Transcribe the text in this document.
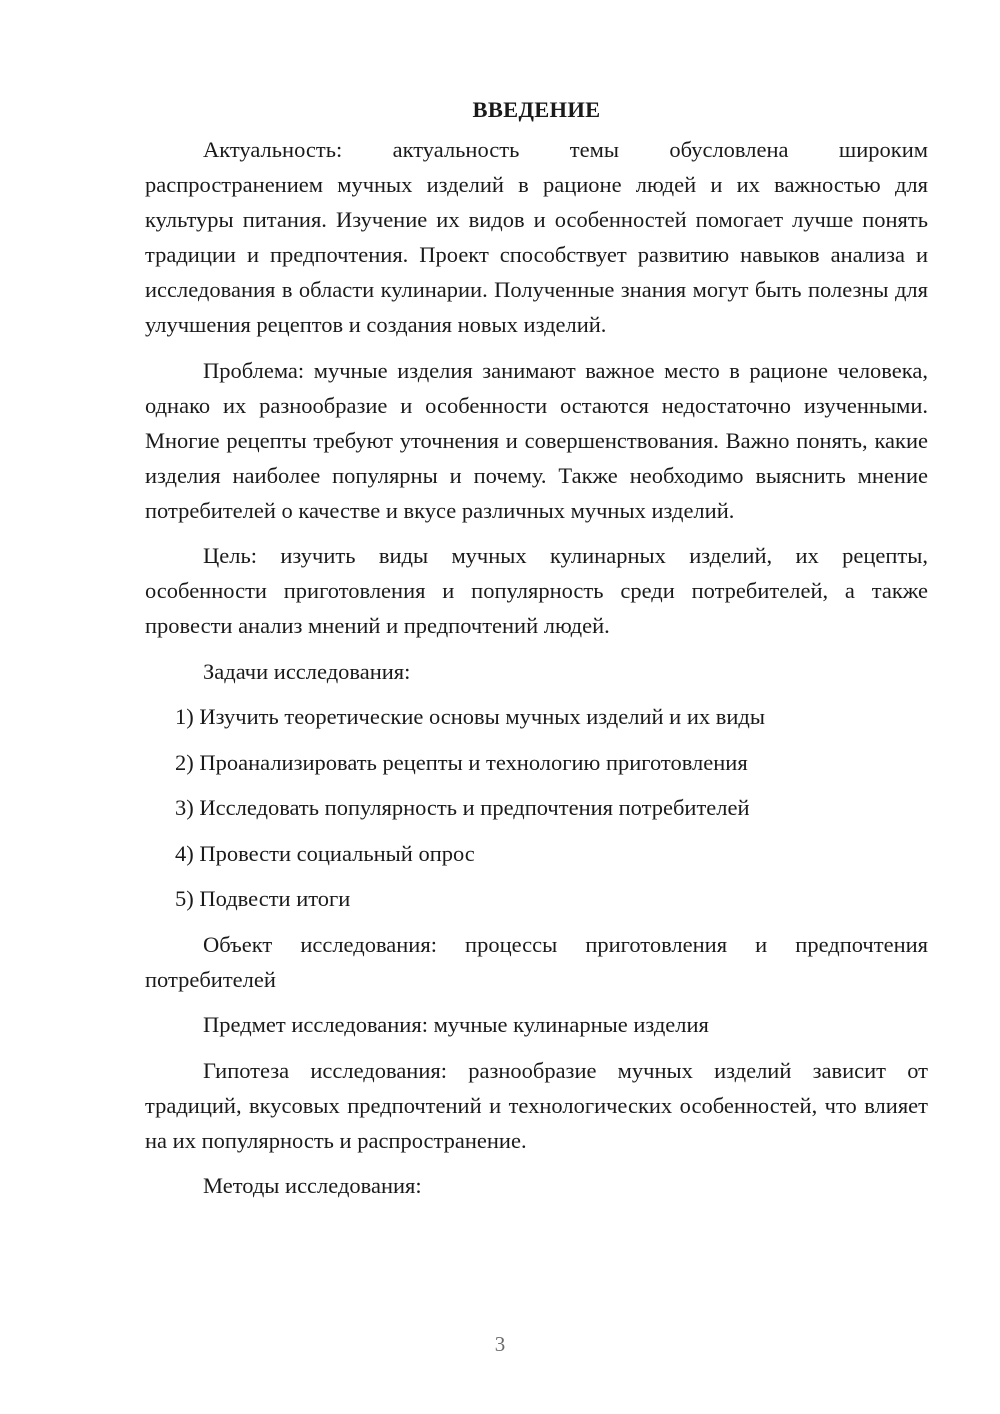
ВВЕДЕНИЕ

Актуальность: актуальность темы обусловлена широким распространением мучных изделий в рационе людей и их важностью для культуры питания. Изучение их видов и особенностей помогает лучше понять традиции и предпочтения. Проект способствует развитию навыков анализа и исследования в области кулинарии. Полученные знания могут быть полезны для улучшения рецептов и создания новых изделий.

Проблема: мучные изделия занимают важное место в рационе человека, однако их разнообразие и особенности остаются недостаточно изученными. Многие рецепты требуют уточнения и совершенствования. Важно понять, какие изделия наиболее популярны и почему. Также необходимо выяснить мнение потребителей о качестве и вкусе различных мучных изделий.

Цель: изучить виды мучных кулинарных изделий, их рецепты, особенности приготовления и популярность среди потребителей, а также провести анализ мнений и предпочтений людей.

Задачи исследования:

1) Изучить теоретические основы мучных изделий и их виды

2) Проанализировать рецепты и технологию приготовления

3) Исследовать популярность и предпочтения потребителей

4) Провести социальный опрос

5) Подвести итоги

Объект исследования: процессы приготовления и предпочтения потребителей

Предмет исследования: мучные кулинарные изделия

Гипотеза исследования: разнообразие мучных изделий зависит от традиций, вкусовых предпочтений и технологических особенностей, что влияет на их популярность и распространение.

Методы исследования:

3
